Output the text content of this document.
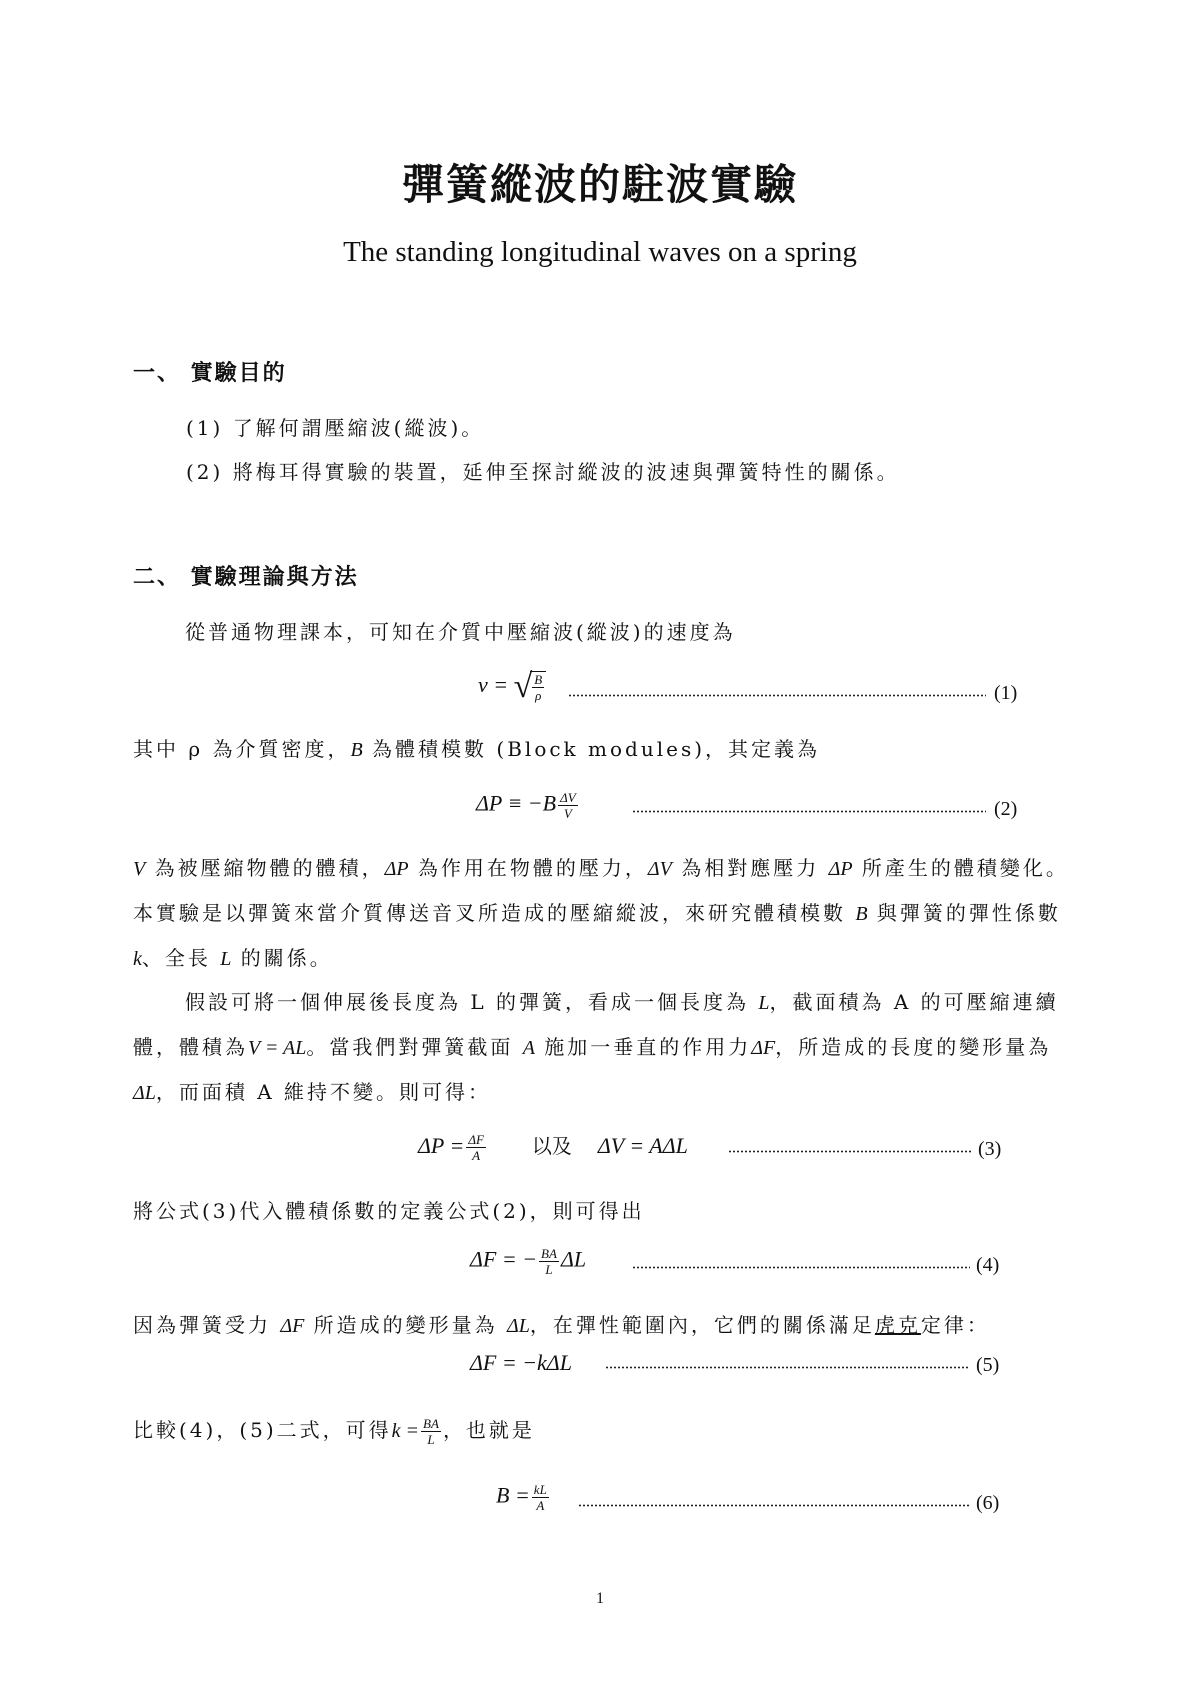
彈簧縱波的駐波實驗
The standing longitudinal waves on a spring
一、 實驗目的
(1) 了解何謂壓縮波(縱波)。
(2) 將梅耳得實驗的裝置，延伸至探討縱波的波速與彈簧特性的關係。
二、 實驗理論與方法
從普通物理課本，可知在介質中壓縮波(縱波)的速度為
v = √ $\frac{B}{\rho}$	(1)
其中 ρ 為介質密度，B 為體積模數 (Block modules)，其定義為
$\Delta P \equiv -B \frac{\Delta V}{V}$	(2)
V 為被壓縮物體的體積，ΔP 為作用在物體的壓力，ΔV 為相對應壓力 ΔP 所產生的體積變化。本實驗是以彈簧來當介質傳送音叉所造成的壓縮縱波，來研究體積模數 B 與彈簧的彈性係數 k、全長 L 的關係。
假設可將一個伸展後長度為 L 的彈簧，看成一個長度為 L，截面積為 A 的可壓縮連續體，體積為V = AL。當我們對彈簧截面 A 施加一垂直的作用力ΔF，所造成的長度的變形量為 ΔL，而面積 A 維持不變。則可得：
$\Delta P = \frac{\Delta F}{A}$ 以及 ΔV = AΔL	(3)
將公式(3)代入體積係數的定義公式(2)，則可得出
ΔF = − $\frac{BA}{L}$ ΔL	(4)
因為彈簧受力 ΔF 所造成的變形量為 ΔL，在彈性範圍內，它們的關係滿足虎克定律：
ΔF = −kΔL	(5)
比較(4)，(5)二式，可得$k = \frac{BA}{L}$ ，也就是
$B = \frac{kL}{A}$	(6)
1
